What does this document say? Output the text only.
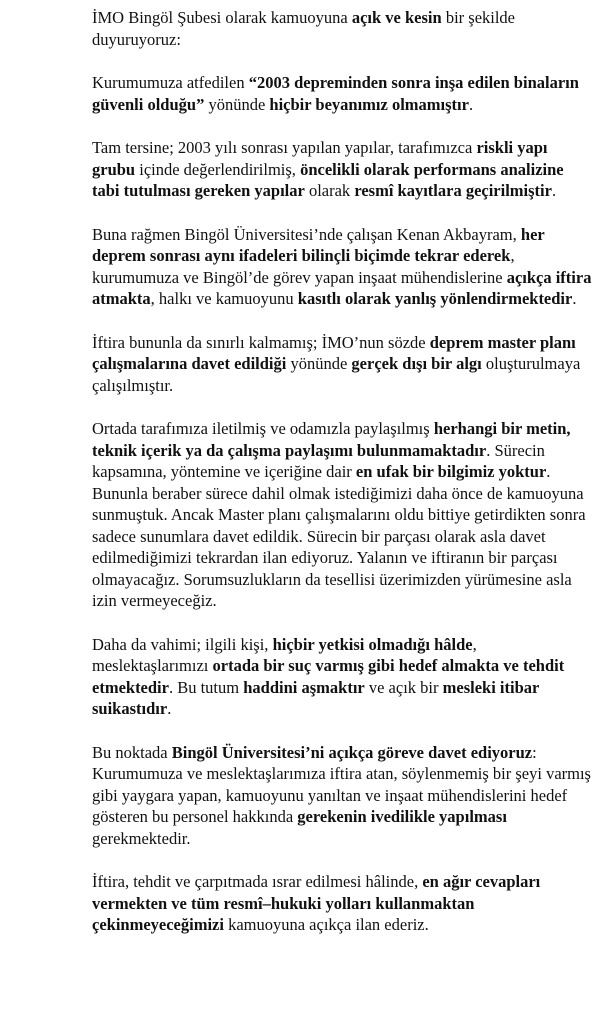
İMO Bingöl Şubesi olarak kamuoyuna açık ve kesin bir şekilde duyuruyoruz:

Kurumumuza atfedilen “2003 depreminden sonra inşa edilen binaların güvenli olduğu” yönünde hiçbir beyanımız olmamıştır.

Tam tersine; 2003 yılı sonrası yapılan yapılar, tarafımızca riskli yapı grubu içinde değerlendirilmiş, öncelikli olarak performans analizine tabi tutulması gereken yapılar olarak resmî kayıtlara geçirilmiştir.

Buna rağmen Bingöl Üniversitesi’nde çalışan Kenan Akbayram, her deprem sonrası aynı ifadeleri bilinçli biçimde tekrar ederek, kurumumuza ve Bingöl’de görev yapan inşaat mühendislerine açıkça iftira atmakta, halkı ve kamuoyunu kasıtlı olarak yanlış yönlendirmektedir.

İftira bununla da sınırlı kalmamış; İMO’nun sözde deprem master planı çalışmalarına davet edildiği yönünde gerçek dışı bir algı oluşturulmaya çalışılmıştır.

Ortada tarafımıza iletilmiş ve odamızla paylaşılmış herhangi bir metin, teknik içerik ya da çalışma paylaşımı bulunmamaktadır. Sürecin kapsamına, yöntemine ve içeriğine dair en ufak bir bilgimiz yoktur. Bununla beraber sürece dahil olmak istediğimizi daha önce de kamuoyuna sunmuştuk. Ancak Master planı çalışmalarını oldu bittiye getirdikten sonra sadece sunumlara davet edildik. Sürecin bir parçası olarak asla davet edilmediğimizi tekrardan ilan ediyoruz. Yalanın ve iftiranın bir parçası olmayacağız. Sorumsuzlukların da tesellisi üzerimizden yürümesine asla izin vermeyeceğiz.

Daha da vahimi; ilgili kişi, hiçbir yetkisi olmadığı hâlde, meslektaşlarımızı ortada bir suç varmış gibi hedef almakta ve tehdit etmektedir. Bu tutum haddini aşmaktır ve açık bir mesleki itibar suikastıdır.

Bu noktada Bingöl Üniversitesi’ni açıkça göreve davet ediyoruz: Kurumumuza ve meslektaşlarımıza iftira atan, söylenmemiş bir şeyi varmış gibi yaygara yapan, kamuoyunu yanıltan ve inşaat mühendislerini hedef gösteren bu personel hakkında gerekenin ivedilikle yapılması gerekmektedir.

İftira, tehdit ve çarpıtmada ısrar edilmesi hâlinde, en ağır cevapları vermekten ve tüm resmî–hukuki yolları kullanmaktan çekinmeyeceğimizi kamuoyuna açıkça ilan ederiz.
